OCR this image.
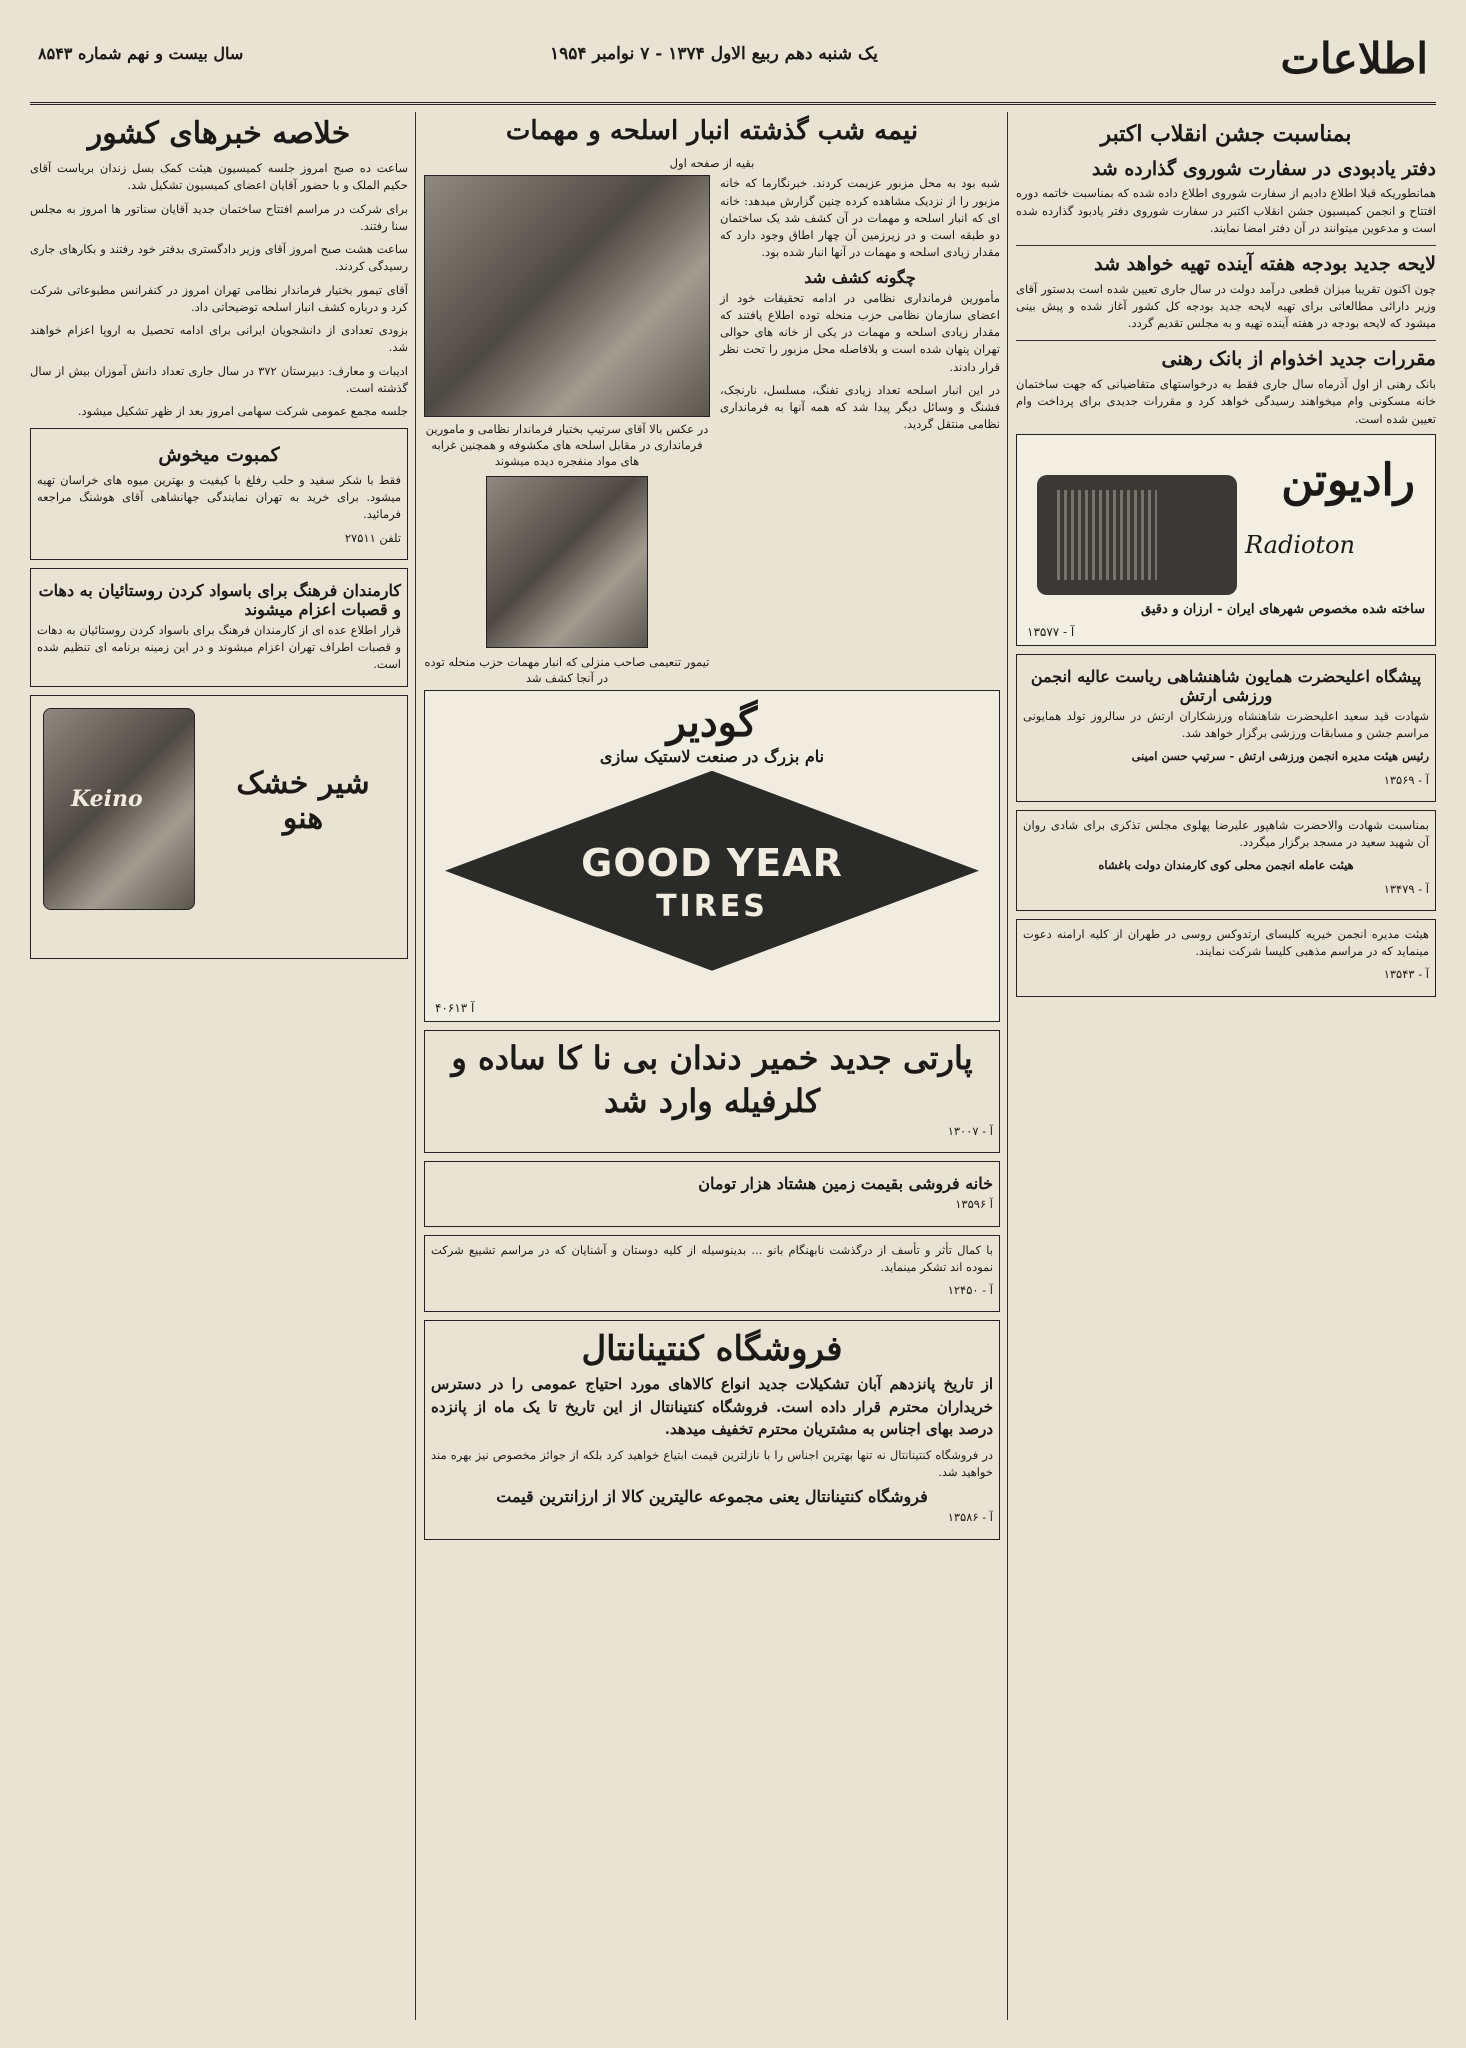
اطلاعات
یک شنبه دهم ربیع الاول ۱۳۷۴ - ۷ نوامبر ۱۹۵۴
سال بیست و نهم شماره ۸۵۴۳
بمناسبت جشن انقلاب اکتبر
دفتر یادبودی در سفارت شوروی گذارده شد

همانطوریکه قبلا اطلاع دادیم از سفارت شوروی اطلاع داده شده که بمناسبت خاتمه دوره افتتاح و انجمن کمیسیون جشن انقلاب اکتبر در سفارت شوروی دفتر یادبود گذارده شده است و مدعوین میتوانند در آن دفتر امضا نمایند.

لایحه جدید بودجه هفته آینده تهیه خواهد شد

چون اکنون تقریبا میزان قطعی درآمد دولت در سال جاری تعیین شده است بدستور آقای وزیر دارائی مطالعاتی برای تهیه لایحه جدید بودجه کل کشور آغاز شده و پیش بینی میشود که لایحه بودجه در هفته آینده تهیه و به مجلس تقدیم گردد.

مقررات جدید اخذوام از بانک رهنی

بانک رهنی از اول آذرماه سال جاری فقط به درخواستهای متقاضیانی که جهت ساختمان خانه مسکونی وام میخواهند رسیدگی خواهد کرد و مقررات جدیدی برای پرداخت وام تعیین شده است.

رادیوتن
Radioton
ساخته شده مخصوص شهرهای ایران - ارزان و دقیق
آ - ۱۳۵۷۷
پیشگاه اعلیحضرت همایون شاهنشاهی ریاست عالیه انجمن ورزشی ارتش

شهادت قید سعید اعلیحضرت شاهنشاه ورزشکاران ارتش در سالروز تولد همایونی مراسم جشن و مسابقات ورزشی برگزار خواهد شد.

رئیس هیئت مدیره انجمن ورزشی ارتش - سرتیپ حسن امینی

آ - ۱۳۵۶۹

بمناسبت شهادت والاحضرت شاهپور علیرضا پهلوی مجلس تذکری برای شادی روان آن شهید سعید در مسجد برگزار میگردد.

هیئت عامله انجمن محلی کوی کارمندان دولت باغشاه

آ - ۱۳۴۷۹

هیئت مدیره انجمن خیریه کلیسای ارتدوکس روسی در طهران از کلیه ارامنه دعوت مینماید که در مراسم مذهبی کلیسا شرکت نمایند.

آ - ۱۳۵۴۳
نیمه شب گذشته انبار اسلحه و مهمات
بقیه از صفحه اول

شبه بود به محل مزبور عزیمت کردند. خبرنگارما که خانه مزبور را از نزدیک مشاهده کرده چنین گزارش میدهد: خانه ای که انبار اسلحه و مهمات در آن کشف شد یک ساختمان دو طبقه است و در زیرزمین آن چهار اطاق وجود دارد که مقدار زیادی اسلحه و مهمات در آنها انبار شده بود.

چگونه کشف شد

مأمورین فرمانداری نظامی در ادامه تحقیقات خود از اعضای سازمان نظامی حزب منحله توده اطلاع یافتند که مقدار زیادی اسلحه و مهمات در یکی از خانه های حوالی تهران پنهان شده است و بلافاصله محل مزبور را تحت نظر قرار دادند.

در این انبار اسلحه تعداد زیادی تفنگ، مسلسل، نارنجک، فشنگ و وسائل دیگر پیدا شد که همه آنها به فرمانداری نظامی منتقل گردید.

در عکس بالا آقای سرتیپ بختیار فرماندار نظامی و مامورین فرمانداری در مقابل اسلحه های مکشوفه و همچنین غرابه های مواد منفجره دیده میشوند
تیمور تنعیمی صاحب منزلی که انبار مهمات حزب منحله توده در آنجا کشف شد
گودیر
نام بزرگ در صنعت لاستیک سازی
GOOD YEAR
TIRES
آ ۴۰۶۱۳
پارتی جدید خمیر دندان بی نا کا ساده و کلرفیله وارد شد
آ - ۱۳۰۰۷
خانه فروشی بقیمت زمین هشتاد هزار تومان
آ ۱۳۵۹۶

با کمال تأثر و تأسف از درگذشت نابهنگام بانو ... بدینوسیله از کلیه دوستان و آشنایان که در مراسم تشییع شرکت نموده اند تشکر مینماید.

آ - ۱۲۴۵۰
فروشگاه کنتینانتال

از تاریخ پانزدهم آبان تشکیلات جدید انواع کالاهای مورد احتیاج عمومی را در دسترس خریداران محترم قرار داده است. فروشگاه کنتینانتال از این تاریخ تا یک ماه از پانزده درصد بهای اجناس به مشتریان محترم تخفیف میدهد.

در فروشگاه کنتینانتال نه تنها بهترین اجناس را با نازلترین قیمت ابتیاع خواهید کرد بلکه از جوائز مخصوص نیز بهره مند خواهید شد.

فروشگاه کنتینانتال یعنی مجموعه عالیترین کالا از ارزانترین قیمت
آ - ۱۳۵۸۶
خلاصه خبرهای کشور

ساعت ده صبح امروز جلسه کمیسیون هیئت کمک بسل زندان بریاست آقای حکیم الملک و با حضور آقایان اعضای کمیسیون تشکیل شد.

برای شرکت در مراسم افتتاح ساختمان جدید آقایان سناتور ها امروز به مجلس سنا رفتند.

ساعت هشت صبح امروز آقای وزیر دادگستری بدفتر خود رفتند و بکارهای جاری رسیدگی کردند.

آقای تیمور بختیار فرماندار نظامی تهران امروز در کنفرانس مطبوعاتی شرکت کرد و درباره کشف انبار اسلحه توضیحاتی داد.

بزودی تعدادی از دانشجویان ایرانی برای ادامه تحصیل به اروپا اعزام خواهند شد.

ادیبات و معارف: دبیرستان ۳۷۲ در سال جاری تعداد دانش آموزان بیش از سال گذشته است.

جلسه مجمع عمومی شرکت سهامی امروز بعد از ظهر تشکیل میشود.

کمبوت میخوش

فقط با شکر سفید و حلب رفلغ با کیفیت و بهترین میوه های خراسان تهیه میشود. برای خرید به تهران نمایندگی جهانشاهی آقای هوشنگ مراجعه فرمائید.

تلفن ۲۷۵۱۱
کارمندان فرهنگ برای باسواد کردن روستائیان به دهات و قصبات اعزام میشوند

قرار اطلاع عده ای از کارمندان فرهنگ برای باسواد کردن روستائیان به دهات و قصبات اطراف تهران اعزام میشوند و در این زمینه برنامه ای تنظیم شده است.

Keino	شیر خشک هنو
